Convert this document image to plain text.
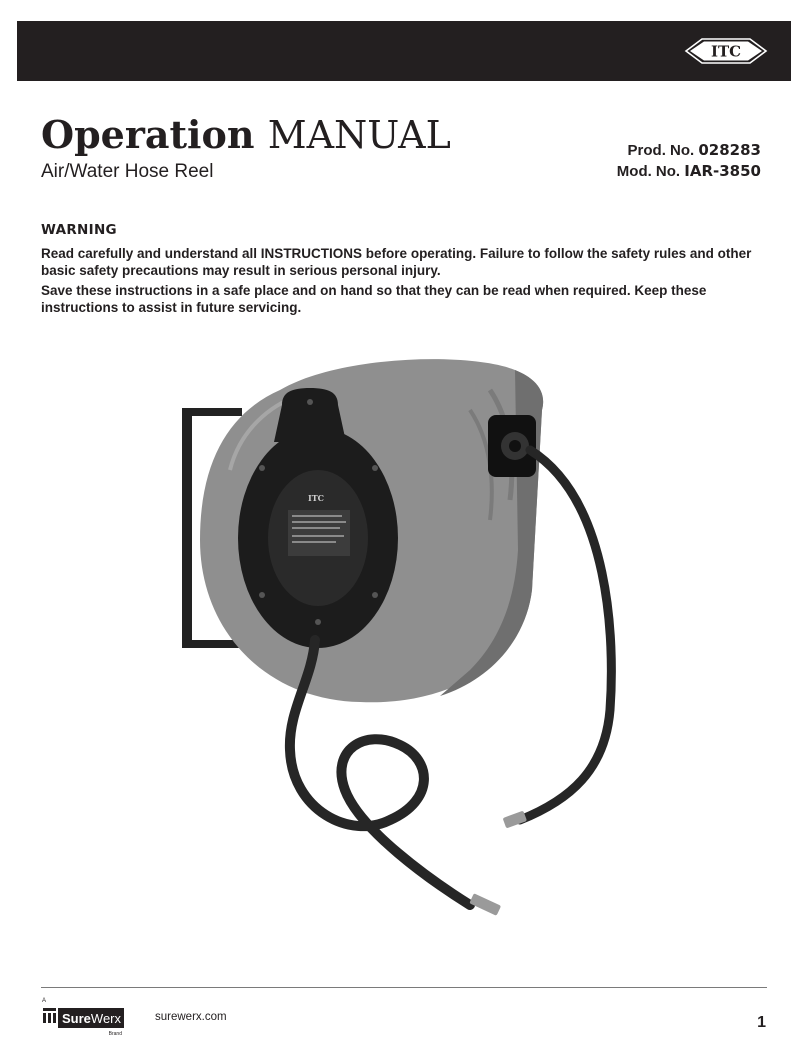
ITC
Operation MANUAL
Air/Water Hose Reel
Prod. No. 028283
Mod. No. IAR-3850
WARNING

Read carefully and understand all INSTRUCTIONS before operating. Failure to follow the safety rules and other basic safety precautions may result in serious personal injury.

Save these instructions in a safe place and on hand so that they can be read when required. Keep these instructions to assist in future servicing.

ITC
A
SureWerx
Brand
surewerx.com	1
